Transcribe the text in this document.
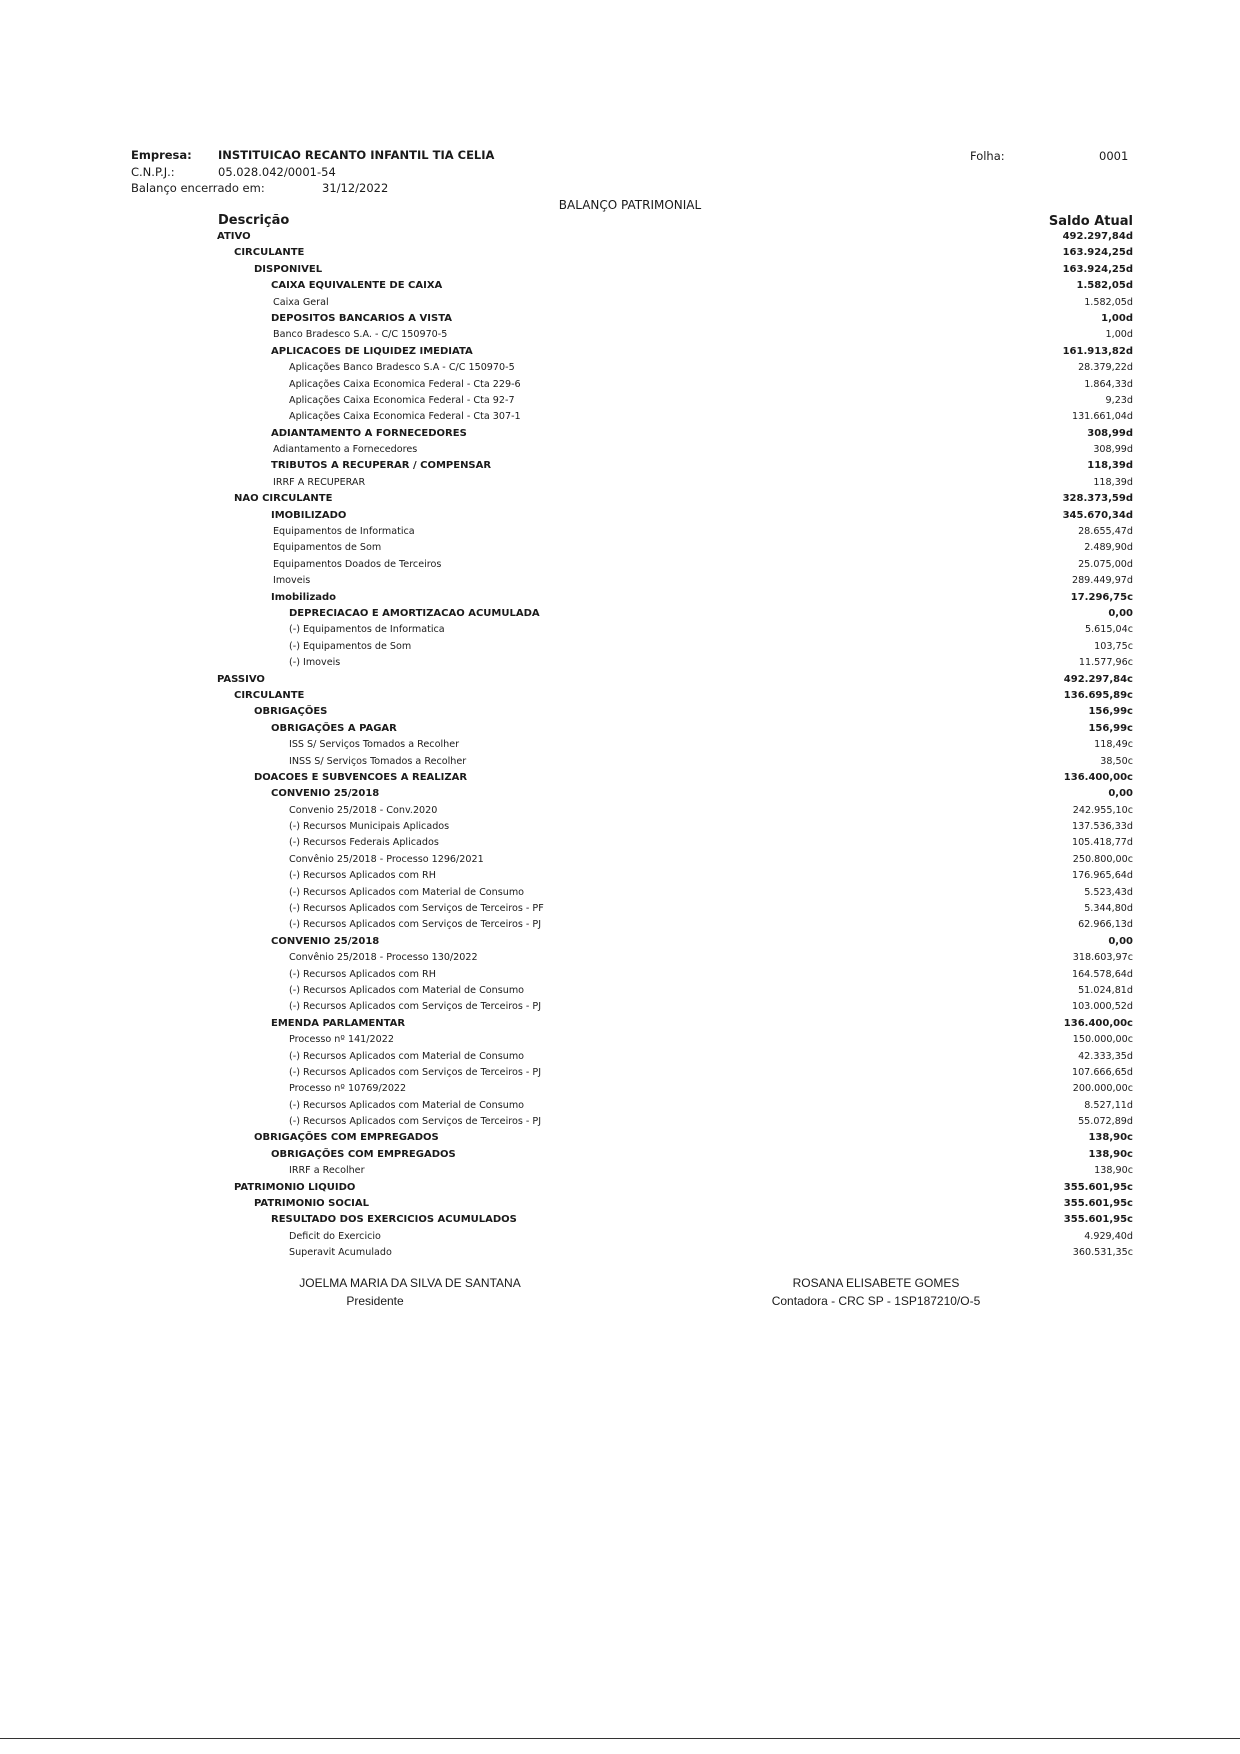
Empresa: INSTITUICAO RECANTO INFANTIL TIA CELIA
C.N.P.J.:	05.028.042/0001-54
Balanço encerrado em:	31/12/2022
Folha:	0001
BALANÇO PATRIMONIAL
Descrição	Saldo Atual
ATIVO	492.297,84d
CIRCULANTE	163.924,25d
DISPONIVEL	163.924,25d
CAIXA EQUIVALENTE DE CAIXA	1.582,05d
Caixa Geral	1.582,05d
DEPOSITOS BANCARIOS A VISTA	1,00d
Banco Bradesco S.A. - C/C 150970-5	1,00d
APLICACOES DE LIQUIDEZ IMEDIATA	161.913,82d
Aplicações Banco Bradesco S.A - C/C 150970-5	28.379,22d
Aplicações Caixa Economica Federal - Cta 229-6	1.864,33d
Aplicações Caixa Economica Federal - Cta 92-7	9,23d
Aplicações Caixa Economica Federal - Cta 307-1	131.661,04d
ADIANTAMENTO A FORNECEDORES	308,99d
Adiantamento a Fornecedores	308,99d
TRIBUTOS A RECUPERAR / COMPENSAR	118,39d
IRRF A RECUPERAR	118,39d
NAO CIRCULANTE	328.373,59d
IMOBILIZADO	345.670,34d
Equipamentos de Informatica	28.655,47d
Equipamentos de Som	2.489,90d
Equipamentos Doados de Terceiros	25.075,00d
Imoveis	289.449,97d
Imobilizado	17.296,75c
DEPRECIACAO E AMORTIZACAO ACUMULADA	0,00
(-) Equipamentos de Informatica	5.615,04c
(-) Equipamentos de Som	103,75c
(-) Imoveis	11.577,96c
PASSIVO	492.297,84c
CIRCULANTE	136.695,89c
OBRIGAÇÕES	156,99c
OBRIGAÇÕES A PAGAR	156,99c
ISS S/ Serviços Tomados a Recolher	118,49c
INSS S/ Serviços Tomados a Recolher	38,50c
DOACOES E SUBVENCOES A REALIZAR	136.400,00c
CONVENIO 25/2018	0,00
Convenio 25/2018 - Conv.2020	242.955,10c
(-) Recursos Municipais Aplicados	137.536,33d
(-) Recursos Federais Aplicados	105.418,77d
Convênio 25/2018 - Processo 1296/2021	250.800,00c
(-) Recursos Aplicados com RH	176.965,64d
(-) Recursos Aplicados com Material de Consumo	5.523,43d
(-) Recursos Aplicados com Serviços de Terceiros - PF	5.344,80d
(-) Recursos Aplicados com Serviços de Terceiros - PJ	62.966,13d
CONVENIO 25/2018	0,00
Convênio 25/2018 - Processo 130/2022	318.603,97c
(-) Recursos Aplicados com RH	164.578,64d
(-) Recursos Aplicados com Material de Consumo	51.024,81d
(-) Recursos Aplicados com Serviços de Terceiros - PJ	103.000,52d
EMENDA PARLAMENTAR	136.400,00c
Processo nº 141/2022	150.000,00c
(-) Recursos Aplicados com Material de Consumo	42.333,35d
(-) Recursos Aplicados com Serviços de Terceiros - PJ	107.666,65d
Processo nº 10769/2022	200.000,00c
(-) Recursos Aplicados com Material de Consumo	8.527,11d
(-) Recursos Aplicados com Serviços de Terceiros - PJ	55.072,89d
OBRIGAÇÕES COM EMPREGADOS	138,90c
OBRIGAÇÕES COM EMPREGADOS	138,90c
IRRF a Recolher	138,90c
PATRIMONIO LIQUIDO	355.601,95c
PATRIMONIO SOCIAL	355.601,95c
RESULTADO DOS EXERCICIOS ACUMULADOS	355.601,95c
Deficit do Exercicio	4.929,40d
Superavit Acumulado	360.531,35c
JOELMA MARIA DA SILVA DE SANTANA
Presidente
ROSANA ELISABETE GOMES
Contadora - CRC SP - 1SP187210/O-5
